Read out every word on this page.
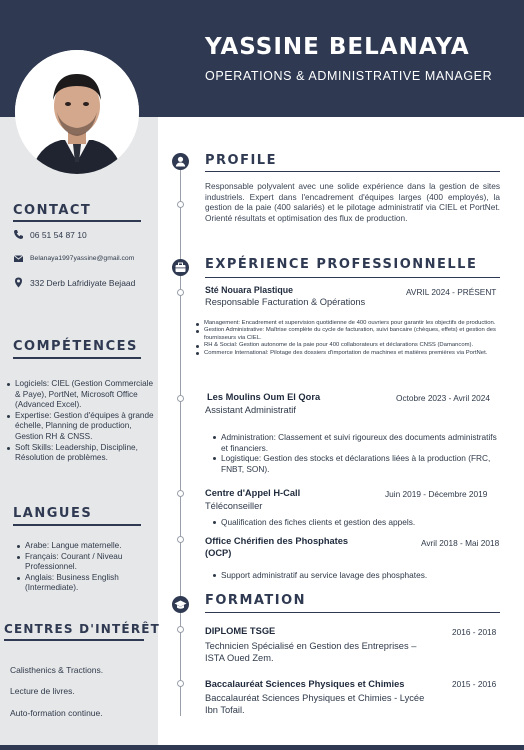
YASSINE BELANAYA
OPERATIONS & ADMINISTRATIVE MANAGER
CONTACT
06 51 54 87 10
Belanaya1997yassine@gmail.com
332 Derb Lafridiyate Bejaad
COMPÉTENCES
Logiciels: CIEL (Gestion Commerciale & Paye), PortNet, Microsoft Office (Advanced Excel).
Expertise: Gestion d'équipes à grande échelle, Planning de production, Gestion RH & CNSS.
Soft Skills: Leadership, Discipline, Résolution de problèmes.
LANGUES
Arabe: Langue maternelle.
Français: Courant / Niveau Professionnel.
Anglais: Business English (Intermediate).
CENTRES D'INTÉRÊT
Calisthenics & Tractions.
Lecture de livres.
Auto-formation continue.
PROFILE

Responsable polyvalent avec une solide expérience dans la gestion de sites industriels. Expert dans l'encadrement d'équipes larges (400 employés), la gestion de la paie (400 salariés) et le pilotage administratif via CIEL et PortNet. Orienté résultats et optimisation des flux de production.

EXPÉRIENCE PROFESSIONNELLE
Sté Nouara Plastique	AVRIL 2024 - PRÉSENT
Responsable Facturation & Opérations
Management: Encadrement et supervision quotidienne de 400 ouvriers pour garantir les objectifs de production.
Gestion Administrative: Maîtrise complète du cycle de facturation, suivi bancaire (chèques, effets) et gestion des fournisseurs via CIEL.
RH & Social: Gestion autonome de la paie pour 400 collaborateurs et déclarations CNSS (Damancom).
Commerce International: Pilotage des dossiers d'importation de machines et matières premières via PortNet.
Les Moulins Oum El Qora	Octobre 2023 - Avril 2024
Assistant Administratif
Administration: Classement et suivi rigoureux des documents administratifs et financiers.
Logistique: Gestion des stocks et déclarations liées à la production (FRC, FNBT, SON).
Centre d'Appel H-Call	Juin 2019 - Décembre 2019
Téléconseiller
Qualification des fiches clients et gestion des appels.
Office Chérifien des Phosphates (OCP)
Avril 2018 - Mai 2018
Support administratif au service lavage des phosphates.
FORMATION
DIPLOME TSGE	2016 - 2018
Technicien Spécialisé en Gestion des Entreprises – ISTA Oued Zem.
Baccalauréat Sciences Physiques et Chimies	2015 - 2016
Baccalauréat Sciences Physiques et Chimies - Lycée Ibn Tofail.
